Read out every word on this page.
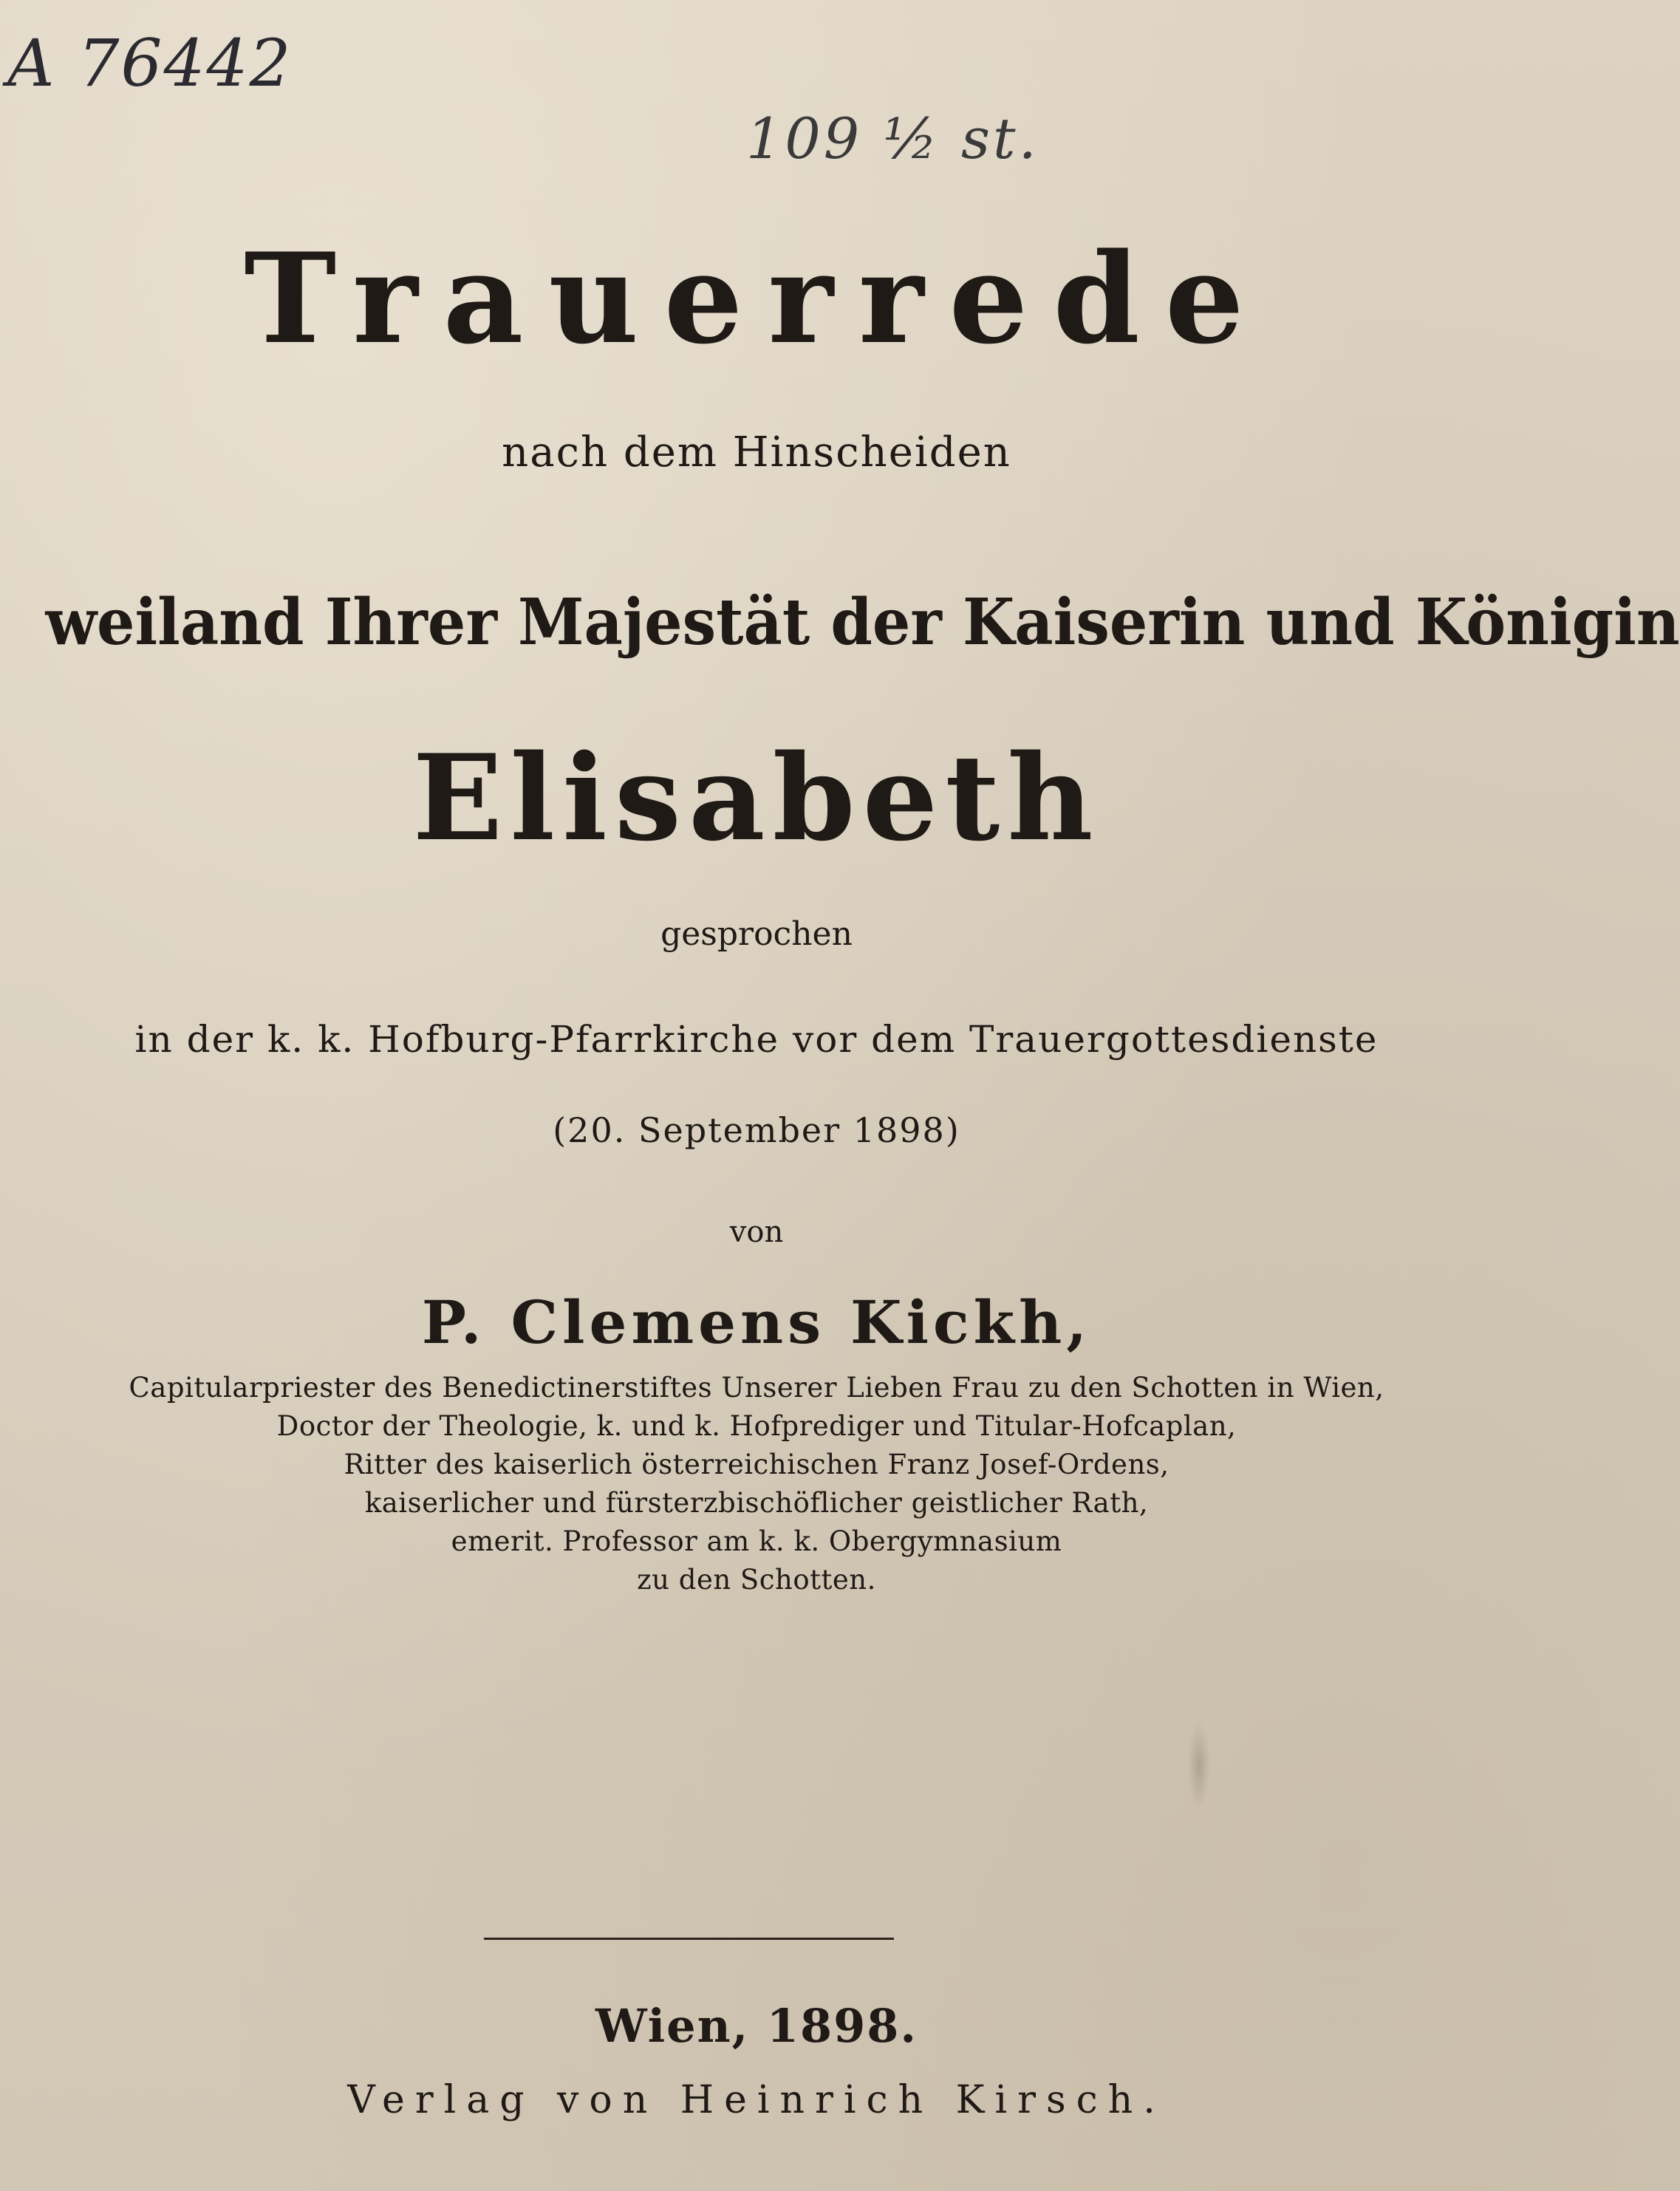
A 76442
109 ½ st.
Trauerrede
nach dem Hinscheiden
weiland Ihrer Majestät der Kaiserin und Königin
Elisabeth
gesprochen
in der k. k. Hofburg-Pfarrkirche vor dem Trauergottesdienste
(20. September 1898)
von
P. Clemens Kickh,
Capitularpriester des Benedictinerstiftes Unserer Lieben Frau zu den Schotten in Wien,
Doctor der Theologie, k. und k. Hofprediger und Titular-Hofcaplan,
Ritter des kaiserlich österreichischen Franz Josef-Ordens,
kaiserlicher und fürsterzbischöflicher geistlicher Rath,
emerit. Professor am k. k. Obergymnasium
zu den Schotten.
Wien, 1898.
Verlag von Heinrich Kirsch.
